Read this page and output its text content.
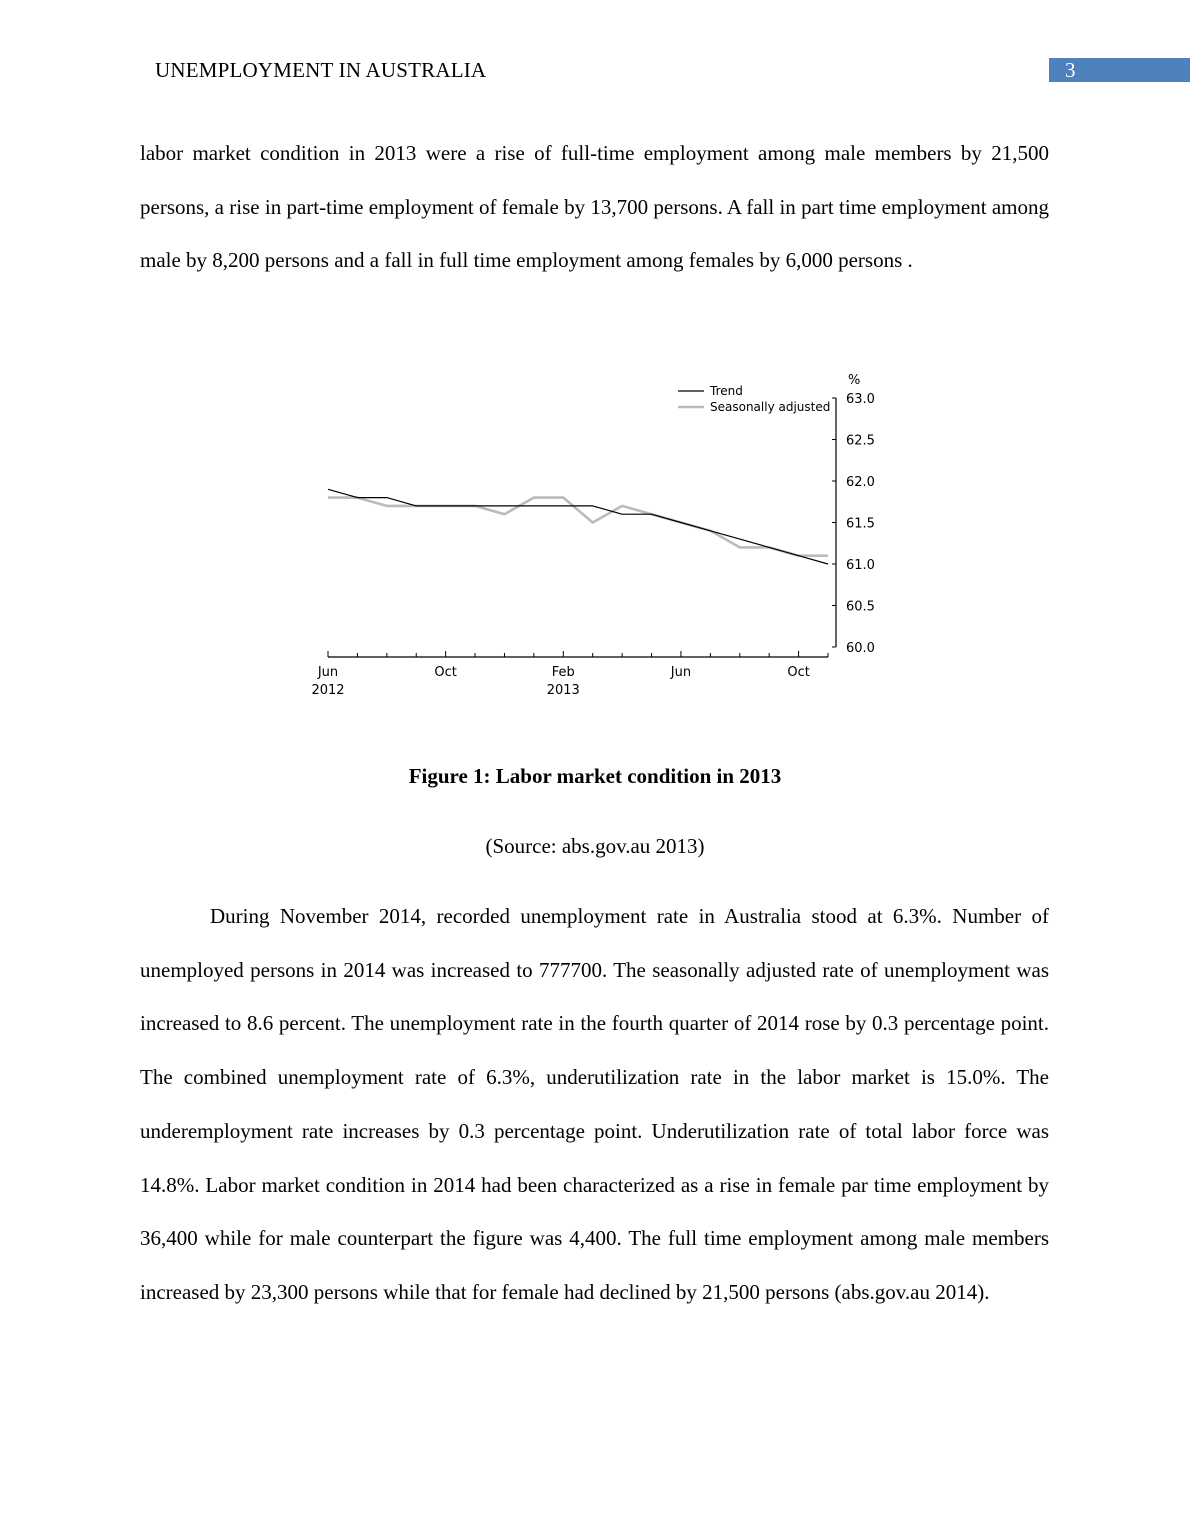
UNEMPLOYMENT IN AUSTRALIA	3

labor market condition in 2013 were a rise of full-time employment among male members by 21,500 persons, a rise in part-time employment of female by 13,700 persons. A fall in part time employment among male by 8,200 persons and a fall in full time employment among females by 6,000 persons .

63.0
62.5
62.0
61.5
61.0
60.5
60.0
%
Jun
2012
Oct	Feb
2013
Jun	Oct
Trend
Seasonally adjusted
Figure 1: Labor market condition in 2013
(Source: abs.gov.au 2013)

During November 2014, recorded unemployment rate in Australia stood at 6.3%. Number of unemployed persons in 2014 was increased to 777700. The seasonally adjusted rate of unemployment was increased to 8.6 percent. The unemployment rate in the fourth quarter of 2014 rose by 0.3 percentage point. The combined unemployment rate of 6.3%, underutilization rate in the labor market is 15.0%. The underemployment rate increases by 0.3 percentage point. Underutilization rate of total labor force was 14.8%. Labor market condition in 2014 had been characterized as a rise in female par time employment by 36,400 while for male counterpart the figure was 4,400. The full time employment among male members increased by 23,300 persons while that for female had declined by 21,500 persons (abs.gov.au 2014).
